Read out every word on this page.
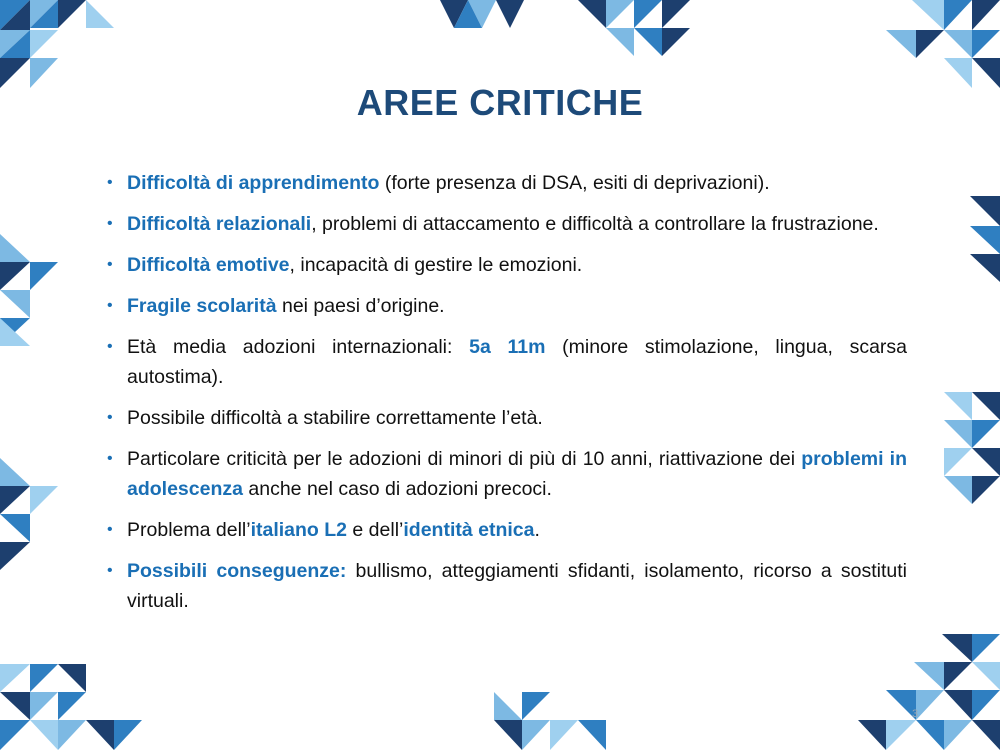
AREE CRITICHE
• Difficoltà di apprendimento (forte presenza di DSA, esiti di deprivazioni).
• Difficoltà relazionali, problemi di attaccamento e difficoltà a controllare la frustrazione.
• Difficoltà emotive, incapacità di gestire le emozioni.
• Fragile scolarità nei paesi d’origine.
• Età media adozioni internazionali: 5a 11m (minore stimolazione, lingua, scarsa autostima).
• Possibile difficoltà a stabilire correttamente l’età.
• Particolare criticità per le adozioni di minori di più di 10 anni, riattivazione dei problemi in adolescenza anche nel caso di adozioni precoci.
• Problema dell’italiano L2 e dell’identità etnica.
• Possibili conseguenze: bullismo, atteggiamenti sfidanti, isolamento, ricorso a sostituti virtuali.
3
